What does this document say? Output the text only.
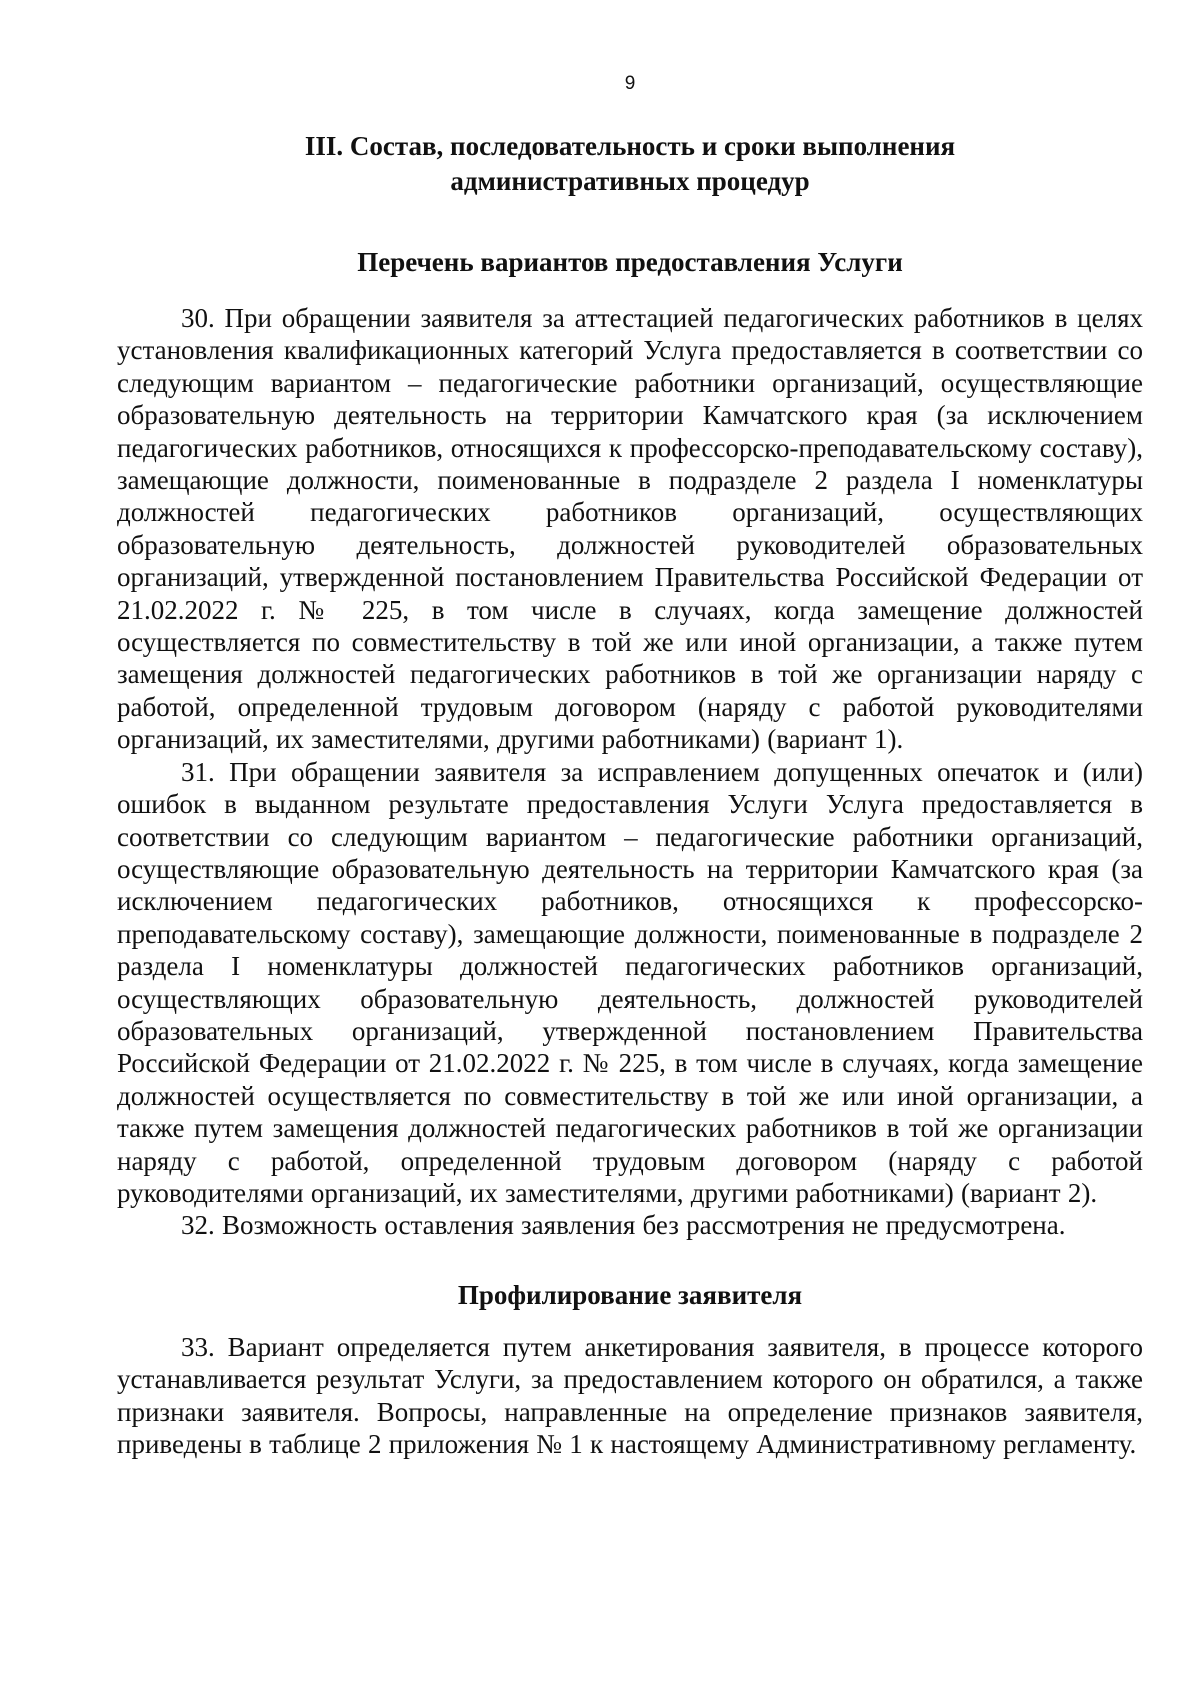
9
III. Состав, последовательность и сроки выполнения административных процедур
Перечень вариантов предоставления Услуги

30. При обращении заявителя за аттестацией педагогических работников в целях установления квалификационных категорий Услуга предоставляется в соответствии со следующим вариантом – педагогические работники организаций, осуществляющие образовательную деятельность на территории Камчатского края (за исключением педагогических работников, относящихся к профессорско-преподавательскому составу), замещающие должности, поименованные в подразделе 2 раздела I номенклатуры должностей педагогических работников организаций, осуществляющих образовательную деятельность, должностей руководителей образовательных организаций, утвержденной постановлением Правительства Российской Федерации от 21.02.2022 г. № 225, в том числе в случаях, когда замещение должностей осуществляется по совместительству в той же или иной организации, а также путем замещения должностей педагогических работников в той же организации наряду с работой, определенной трудовым договором (наряду с работой руководителями организаций, их заместителями, другими работниками) (вариант 1).

31. При обращении заявителя за исправлением допущенных опечаток и (или) ошибок в выданном результате предоставления Услуги Услуга предоставляется в соответствии со следующим вариантом – педагогические работники организаций, осуществляющие образовательную деятельность на территории Камчатского края (за исключением педагогических работников, относящихся к профессорско-преподавательскому составу), замещающие должности, поименованные в подразделе 2 раздела I номенклатуры должностей педагогических работников организаций, осуществляющих образовательную деятельность, должностей руководителей образовательных организаций, утвержденной постановлением Правительства Российской Федерации от 21.02.2022 г. № 225, в том числе в случаях, когда замещение должностей осуществляется по совместительству в той же или иной организации, а также путем замещения должностей педагогических работников в той же организации наряду с работой, определенной трудовым договором (наряду с работой руководителями организаций, их заместителями, другими работниками) (вариант 2).

32. Возможность оставления заявления без рассмотрения не предусмотрена.

Профилирование заявителя

33. Вариант определяется путем анкетирования заявителя, в процессе которого устанавливается результат Услуги, за предоставлением которого он обратился, а также признаки заявителя. Вопросы, направленные на определение признаков заявителя, приведены в таблице 2 приложения № 1 к настоящему Административному регламенту.
